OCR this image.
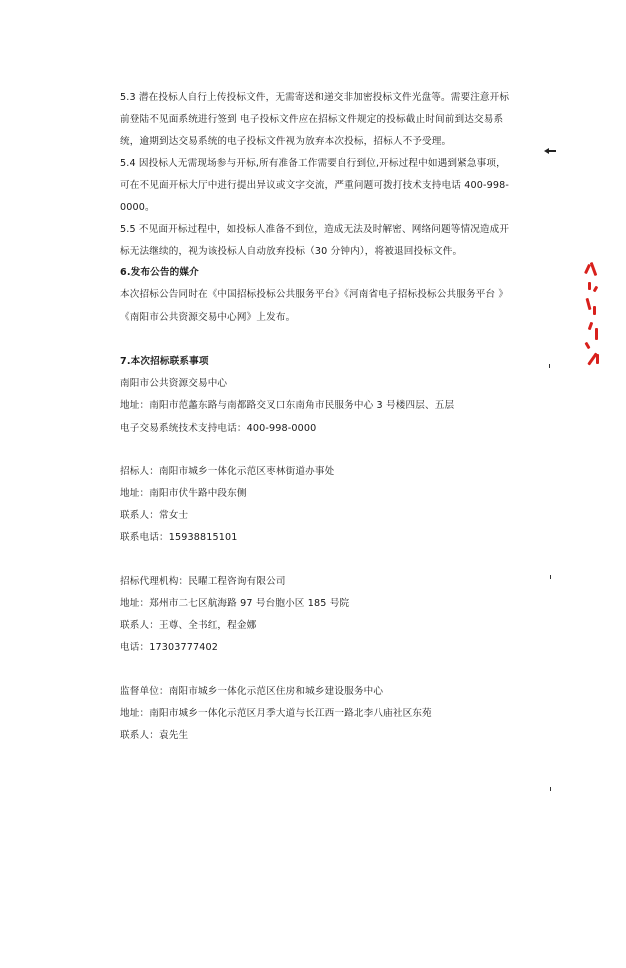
5.3 潜在投标人自行上传投标文件，无需寄送和递交非加密投标文件光盘等。需要注意开标
前登陆不见面系统进行签到 电子投标文件应在招标文件规定的投标截止时间前到达交易系
统，逾期到达交易系统的电子投标文件视为放弃本次投标，招标人不予受理。
5.4 因投标人无需现场参与开标,所有准备工作需要自行到位,开标过程中如遇到紧急事项，
可在不见面开标大厅中进行提出异议或文字交流，严重问题可拨打技术支持电话 400-998-
0000。
5.5 不见面开标过程中，如投标人准备不到位，造成无法及时解密、网络问题等情况造成开
标无法继续的，视为该投标人自动放弃投标（30 分钟内），将被退回投标文件。
6.发布公告的媒介
本次招标公告同时在《中国招标投标公共服务平台》《河南省电子招标投标公共服务平台 》
《南阳市公共资源交易中心网》上发布。
7.本次招标联系事项
南阳市公共资源交易中心
地址：南阳市范蠡东路与南都路交叉口东南角市民服务中心 3 号楼四层、五层
电子交易系统技术支持电话：400-998-0000
招标人：南阳市城乡一体化示范区枣林街道办事处
地址：南阳市伏牛路中段东侧
联系人：常女士
联系电话：15938815101
招标代理机构：民曜工程咨询有限公司
地址：郑州市二七区航海路 97 号台胞小区 185 号院
联系人：王尊、全书红，程金娜
电话：17303777402
监督单位：南阳市城乡一体化示范区住房和城乡建设服务中心
地址：南阳市城乡一体化示范区月季大道与长江西一路北李八庙社区东苑
联系人：袁先生
